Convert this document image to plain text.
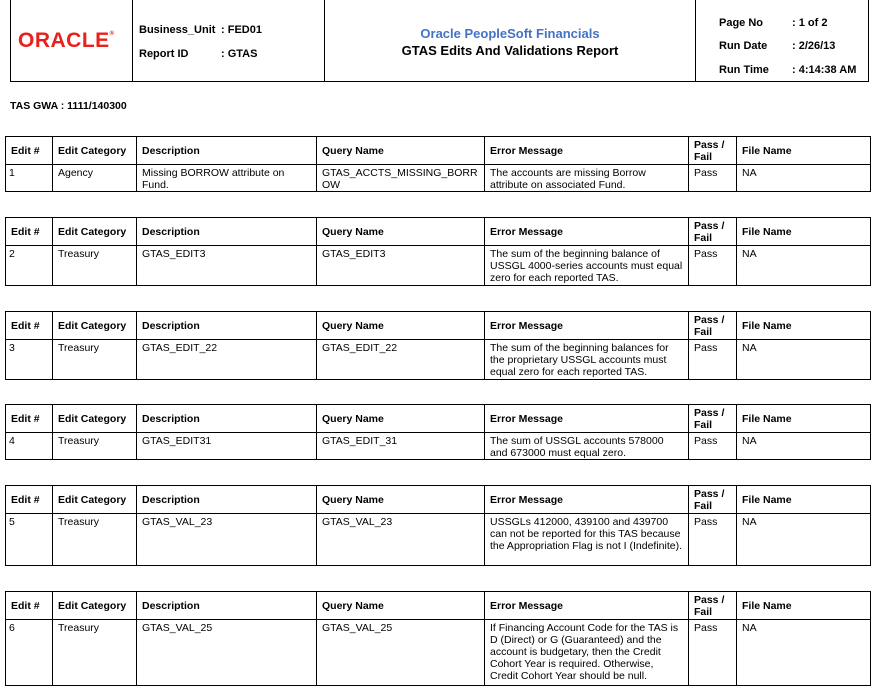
ORACLE® Business_Unit : FED01
Report ID	: GTAS
Oracle PeopleSoft Financials
GTAS Edits And Validations Report
Page No	: 1 of 2
Run Date : 2/26/13
Run Time : 4:14:38 AM
TAS GWA : 1111/140300
Edit #	Edit Category	Description	Query Name	Error Message	Pass / Fail	File Name
1	Agency	Missing BORROW attribute on Fund.	GTAS_ACCTS_MISSING_BORROW	The accounts are missing Borrow attribute on associated Fund.	Pass	NA
Edit #	Edit Category	Description	Query Name	Error Message	Pass / Fail	File Name
2	Treasury	GTAS_EDIT3	GTAS_EDIT3	The sum of the beginning balance of USSGL 4000-series accounts must equal zero for each reported TAS.	Pass	NA
Edit #	Edit Category	Description	Query Name	Error Message	Pass / Fail	File Name
3	Treasury	GTAS_EDIT_22	GTAS_EDIT_22	The sum of the beginning balances for the proprietary USSGL accounts must equal zero for each reported TAS.	Pass	NA
Edit #	Edit Category	Description	Query Name	Error Message	Pass / Fail	File Name
4	Treasury	GTAS_EDIT31	GTAS_EDIT_31	The sum of USSGL accounts 578000 and 673000 must equal zero.	Pass	NA
Edit #	Edit Category	Description	Query Name	Error Message	Pass / Fail	File Name
5	Treasury	GTAS_VAL_23	GTAS_VAL_23	USSGLs 412000, 439100 and 439700 can not be reported for this TAS because the Appropriation Flag is not I (Indefinite).	Pass	NA
Edit #	Edit Category	Description	Query Name	Error Message	Pass / Fail	File Name
6	Treasury	GTAS_VAL_25	GTAS_VAL_25	If Financing Account Code for the TAS is D (Direct) or G (Guaranteed) and the account is budgetary, then the Credit Cohort Year is required. Otherwise, Credit Cohort Year should be null.	Pass	NA
